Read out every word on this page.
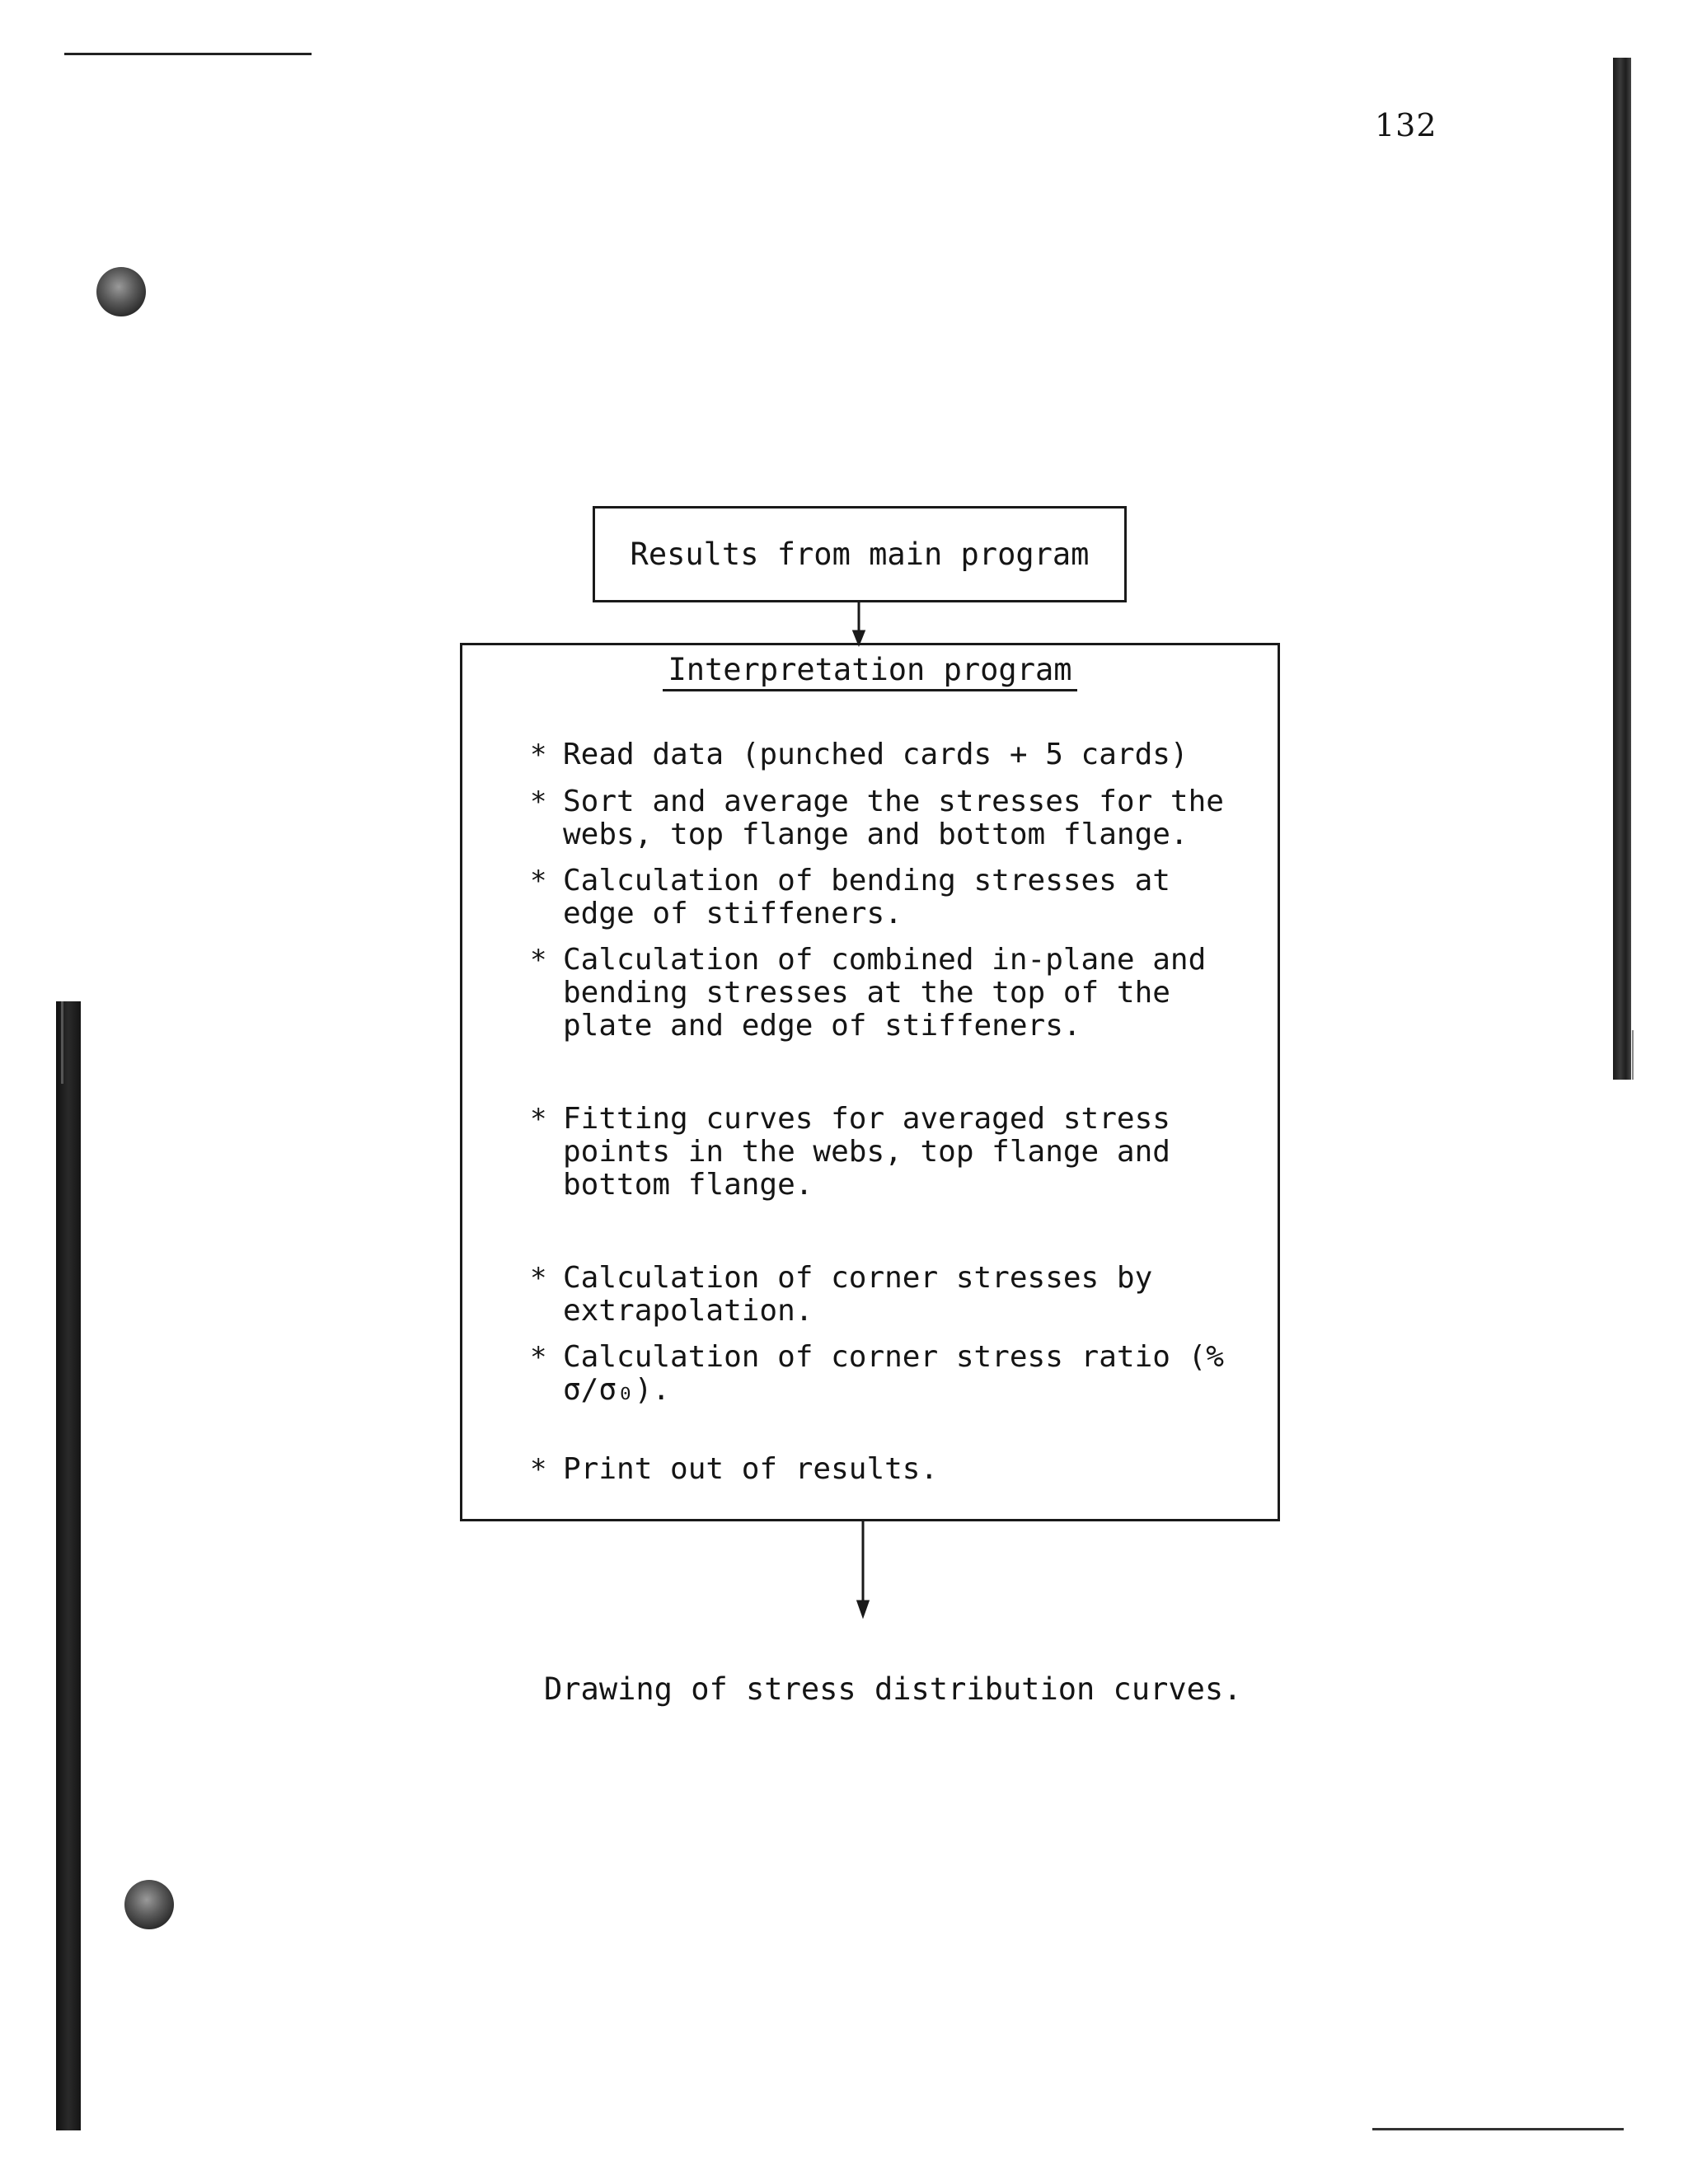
132
Results from main program
Interpretation program
* Read data (punched cards + 5 cards)
* Sort and average the stresses for the webs, top flange and bottom flange.
* Calculation of bending stresses at edge of stiffeners.
* Calculation of combined in-plane and bending stresses at the top of the plate and edge of stiffeners.
* Fitting curves for averaged stress points in the webs, top flange and bottom flange.
* Calculation of corner stresses by extrapolation.
* Calculation of corner stress ratio (% σ/σ₀).
* Print out of results.
Drawing of stress distribution curves.
